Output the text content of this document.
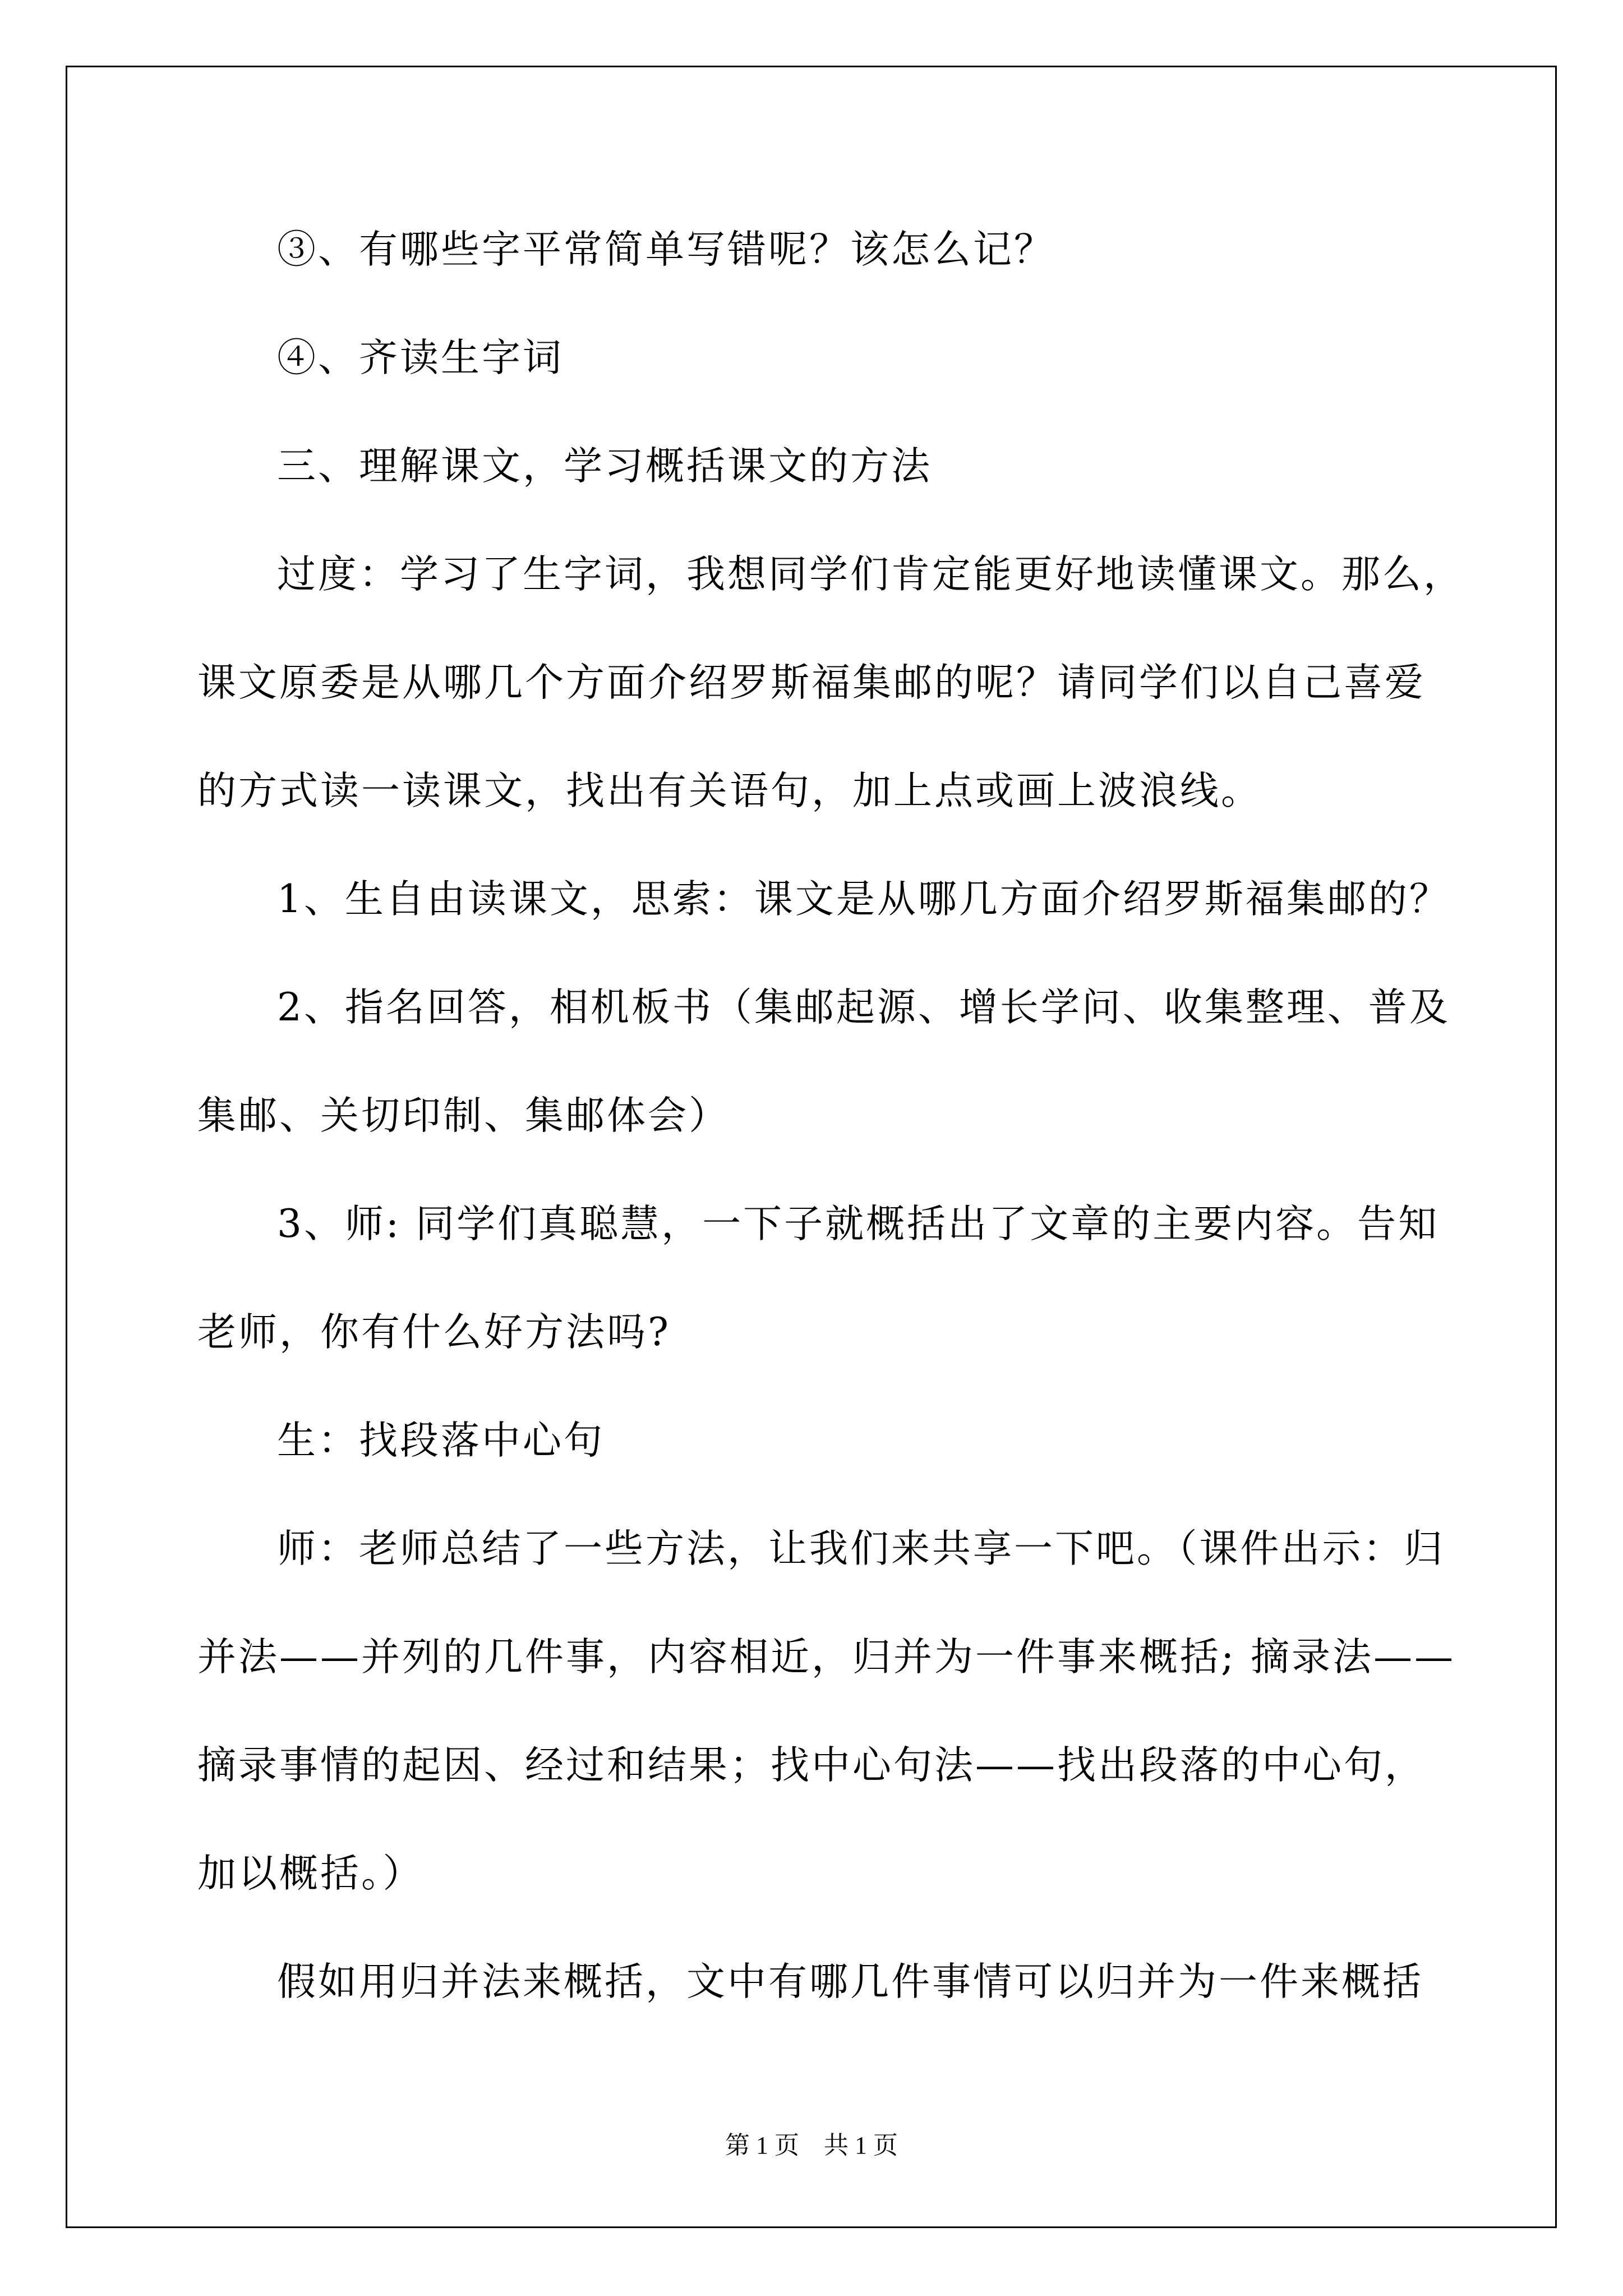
③、有哪些字平常简单写错呢？该怎么记？
④、齐读生字词
三、理解课文，学习概括课文的方法
过度：学习了生字词，我想同学们肯定能更好地读懂课文。那么，
课文原委是从哪几个方面介绍罗斯福集邮的呢？请同学们以自己喜爱
的方式读一读课文，找出有关语句，加上点或画上波浪线。
1、生自由读课文，思索：课文是从哪几方面介绍罗斯福集邮的？
2、指名回答，相机板书（集邮起源、增长学问、收集整理、普及
集邮、关切印制、集邮体会）
3、师: 同学们真聪慧，一下子就概括出了文章的主要内容。告知
老师，你有什么好方法吗?
生：找段落中心句
师：老师总结了一些方法，让我们来共享一下吧。（课件出示：归
并法——并列的几件事，内容相近，归并为一件事来概括; 摘录法——
摘录事情的起因、经过和结果；找中心句法——找出段落的中心句，
加以概括。）
假如用归并法来概括，文中有哪几件事情可以归并为一件来概括
第 1 页　共 1 页
